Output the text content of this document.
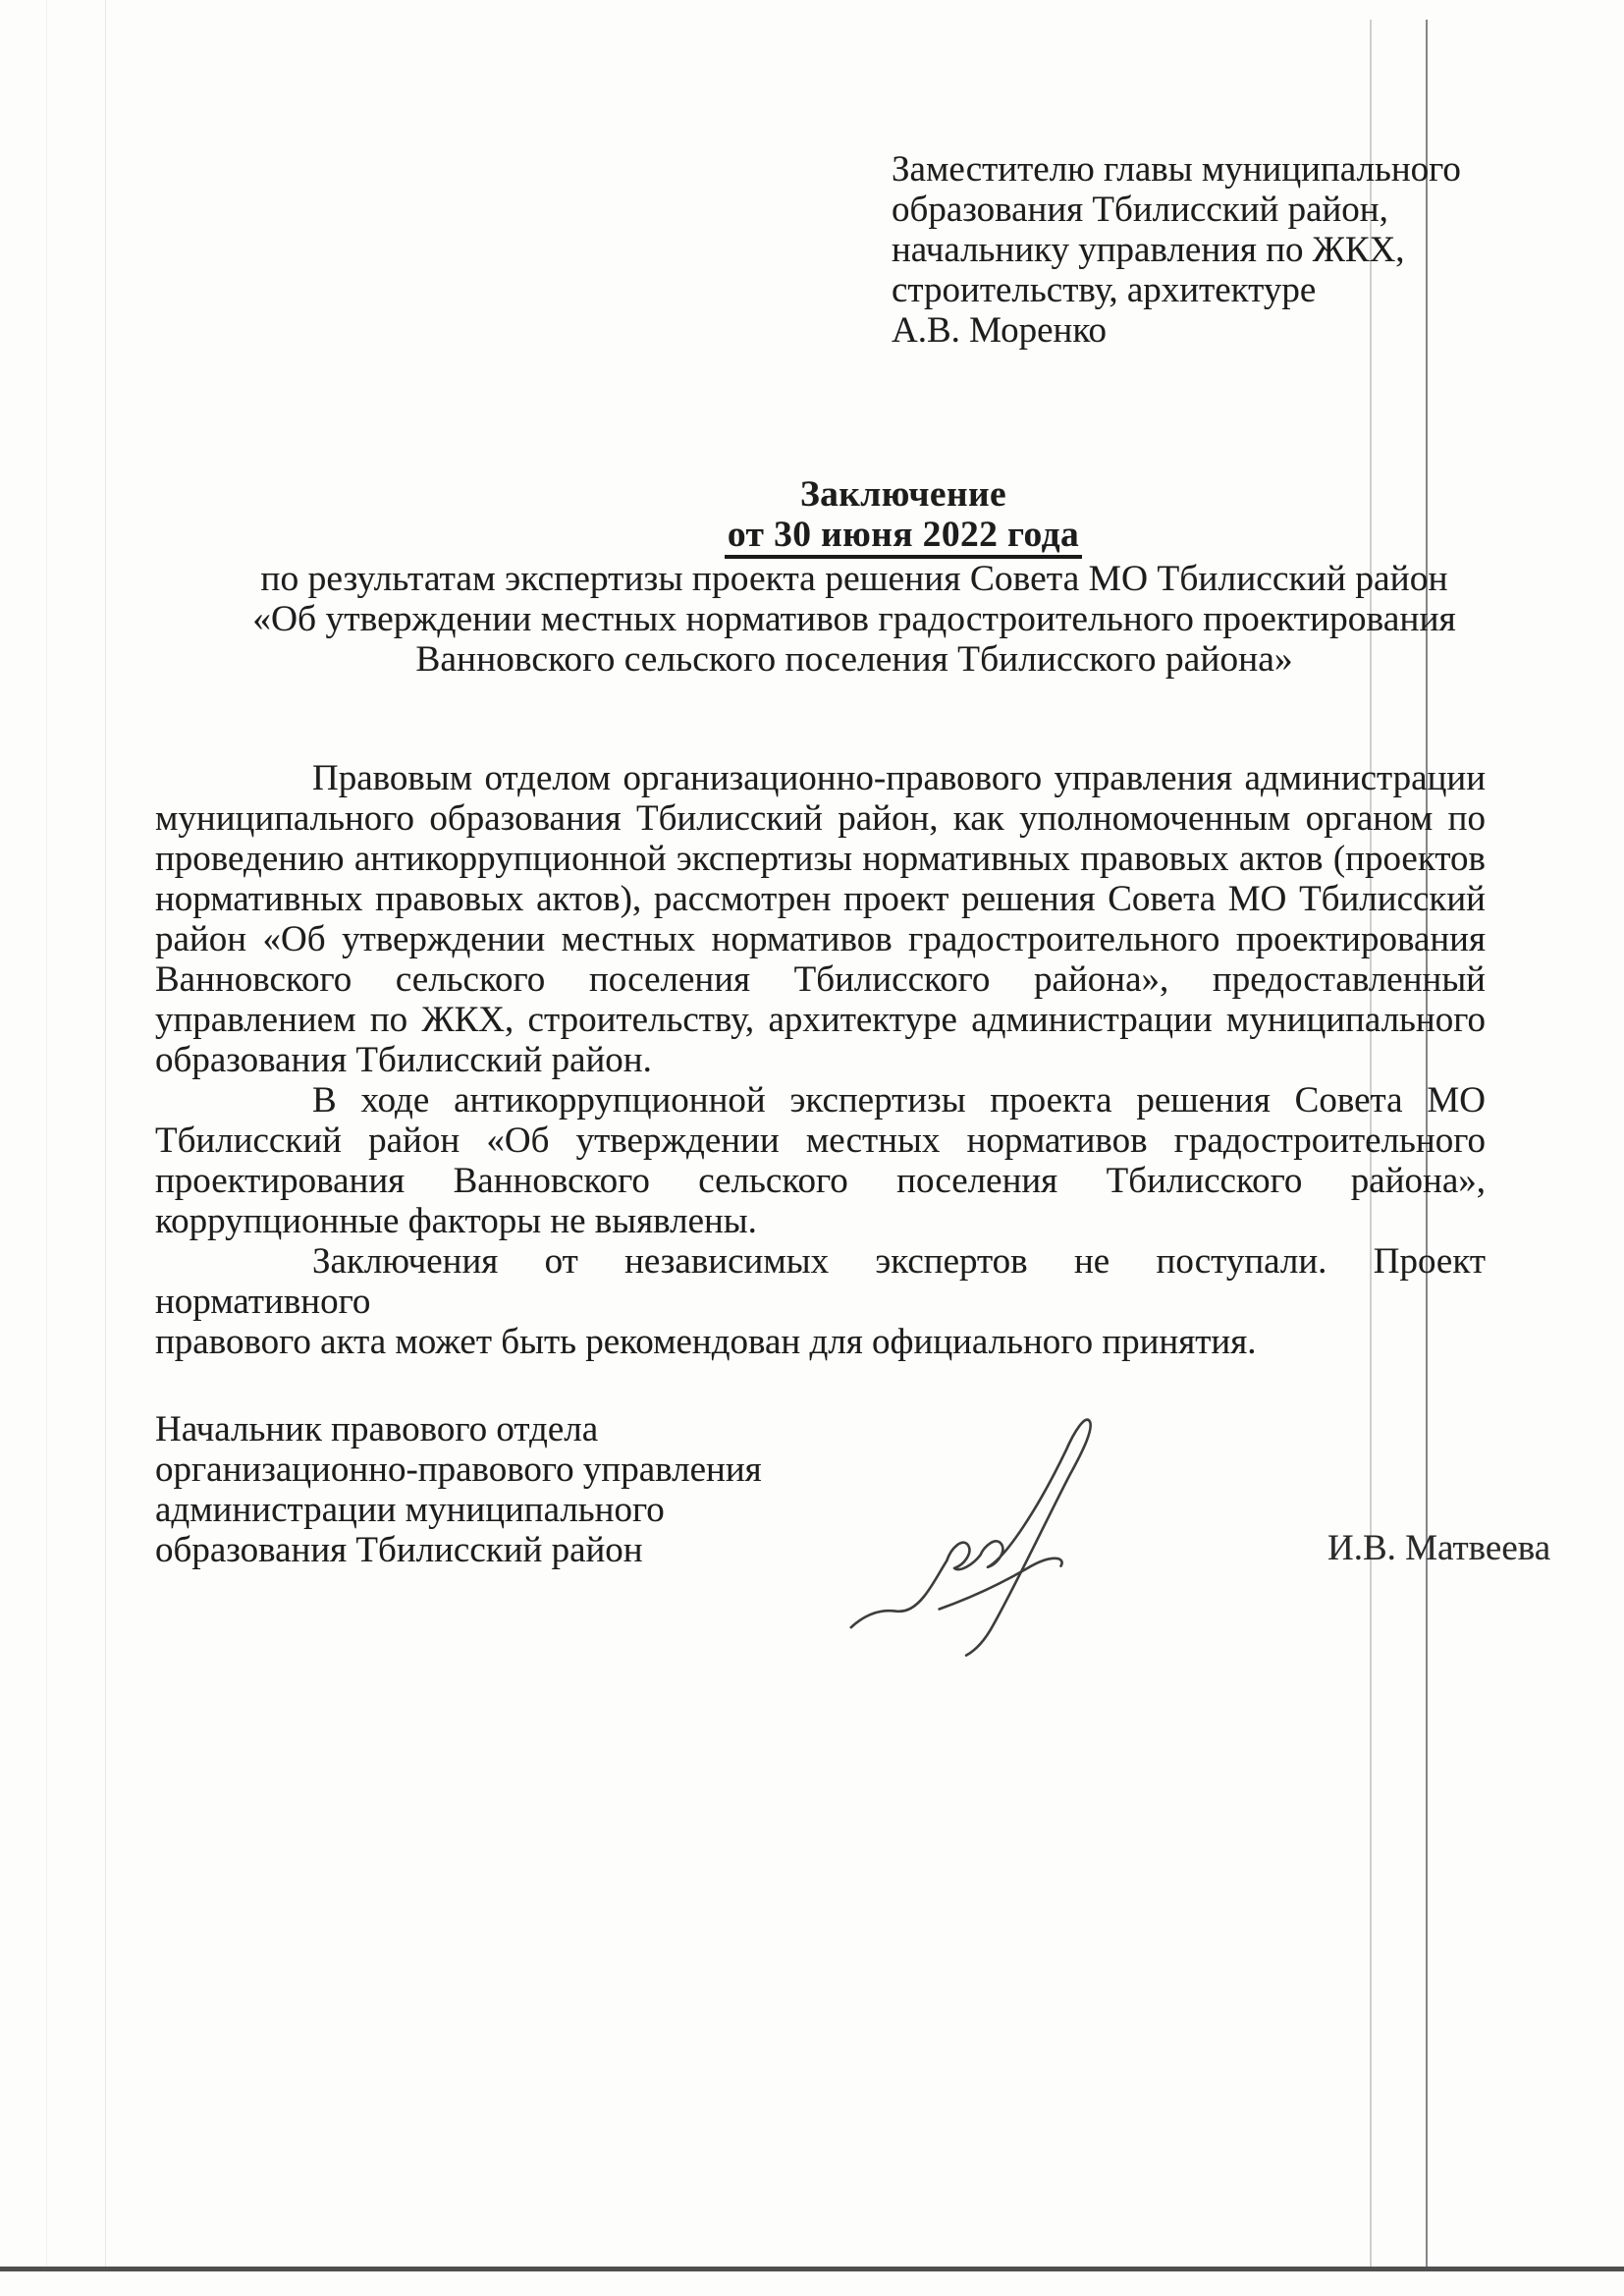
Заместителю главы муниципального
образования Тбилисский район,
начальнику управления по ЖКХ,
строительству, архитектуре
А.В. Моренко
Заключение
от 30 июня 2022 года
по результатам экспертизы проекта решения Совета МО Тбилисский район
«Об утверждении местных нормативов градостроительного проектирования
Ванновского сельского поселения Тбилисского района»
Правовым отделом организационно-правового управления администрации
муниципального образования Тбилисский район, как уполномоченным органом по
проведению антикоррупционной экспертизы нормативных правовых актов (проектов
нормативных правовых актов), рассмотрен проект решения Совета МО Тбилисский
район «Об утверждении местных нормативов градостроительного проектирования
Ванновского сельского поселения Тбилисского района», предоставленный
управлением по ЖКХ, строительству, архитектуре администрации муниципального
образования Тбилисский район.
В ходе антикоррупционной экспертизы проекта решения Совета МО
Тбилисский район «Об утверждении местных нормативов градостроительного
проектирования Ванновского сельского поселения Тбилисского района»,
коррупционные факторы не выявлены.
Заключения от независимых экспертов не поступали. Проект нормативного
правового акта может быть рекомендован для официального принятия.
Начальник правового отдела
организационно-правового управления
администрации муниципального
образования Тбилисский район	И.В. Матвеева
